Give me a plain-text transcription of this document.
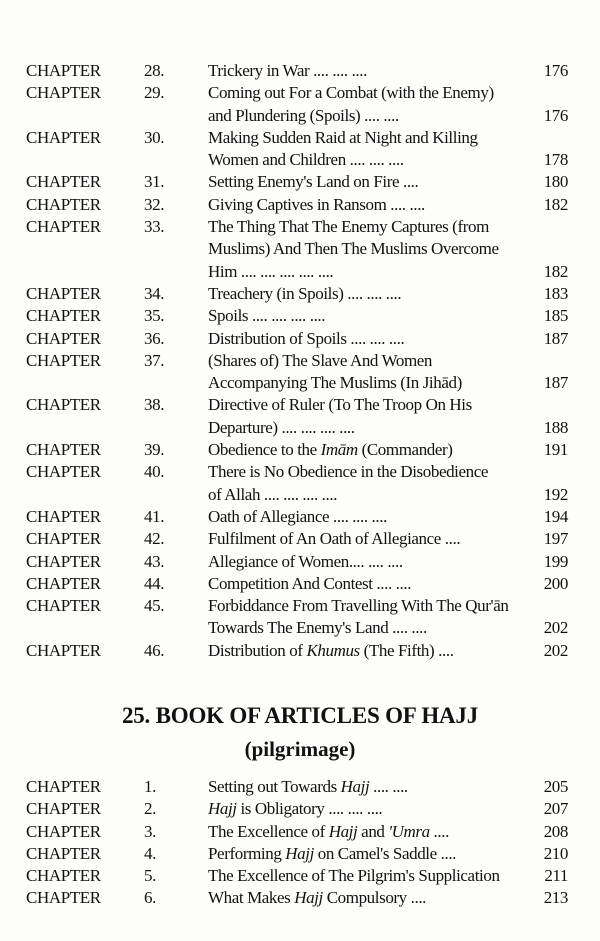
CHAPTER	28.	Trickery in War .... .... ....	176
CHAPTER	29.	Coming out For a Combat (with the Enemy)
and Plundering (Spoils) .... ....	176
CHAPTER	30.	Making Sudden Raid at Night and Killing
Women and Children .... .... ....	178
CHAPTER	31.	Setting Enemy's Land on Fire ....	180
CHAPTER	32.	Giving Captives in Ransom .... ....	182
CHAPTER	33.	The Thing That The Enemy Captures (from
Muslims) And Then The Muslims Overcome
Him .... .... .... .... ....	182
CHAPTER	34.	Treachery (in Spoils) .... .... ....	183
CHAPTER	35.	Spoils .... .... .... ....	185
CHAPTER	36.	Distribution of Spoils .... .... ....	187
CHAPTER	37.	(Shares of) The Slave And Women
Accompanying The Muslims (In Jihād)	187
CHAPTER	38.	Directive of Ruler (To The Troop On His
Departure) .... .... .... ....	188
CHAPTER	39.	Obedience to the Imām (Commander)	191
CHAPTER	40.	There is No Obedience in the Disobedience
of Allah .... .... .... ....	192
CHAPTER	41.	Oath of Allegiance .... .... ....	194
CHAPTER	42.	Fulfilment of An Oath of Allegiance ....	197
CHAPTER	43.	Allegiance of Women.... .... ....	199
CHAPTER	44.	Competition And Contest .... ....	200
CHAPTER	45.	Forbiddance From Travelling With The Qur'ān
Towards The Enemy's Land .... ....	202
CHAPTER	46.	Distribution of Khumus (The Fifth) ....	202
25. BOOK OF ARTICLES OF HAJJ
(pilgrimage)
CHAPTER	1.	Setting out Towards Hajj .... ....	205
CHAPTER	2.	Hajj is Obligatory .... .... ....	207
CHAPTER	3.	The Excellence of Hajj and 'Umra ....	208
CHAPTER	4.	Performing Hajj on Camel's Saddle ....	210
CHAPTER	5.	The Excellence of The Pilgrim's Supplication	211
CHAPTER	6.	What Makes Hajj Compulsory ....	213
